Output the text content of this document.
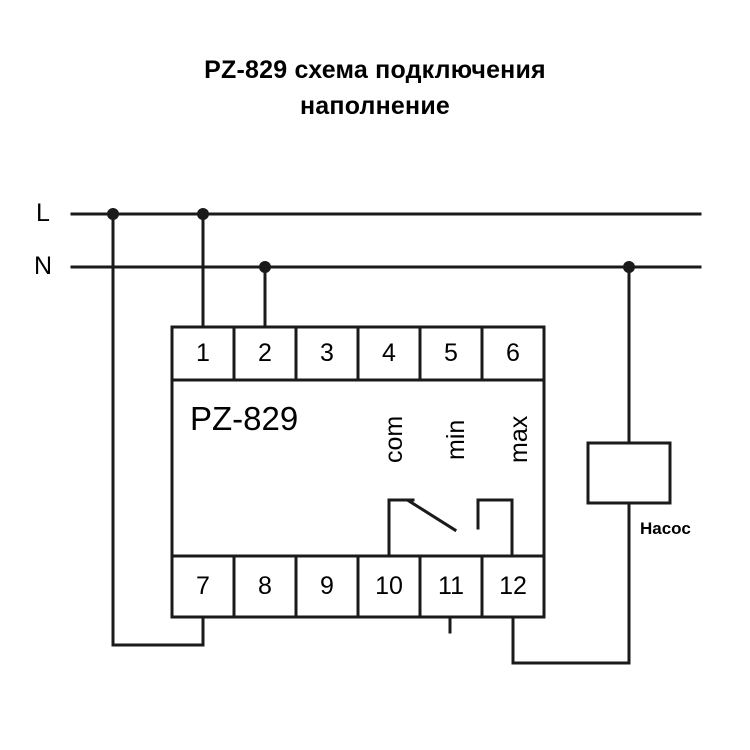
PZ-829 схема подключения
наполнение
L
N
PZ-829
1	2	3	4	5	6
7	8	9	10	11	12
com min max
Насос
